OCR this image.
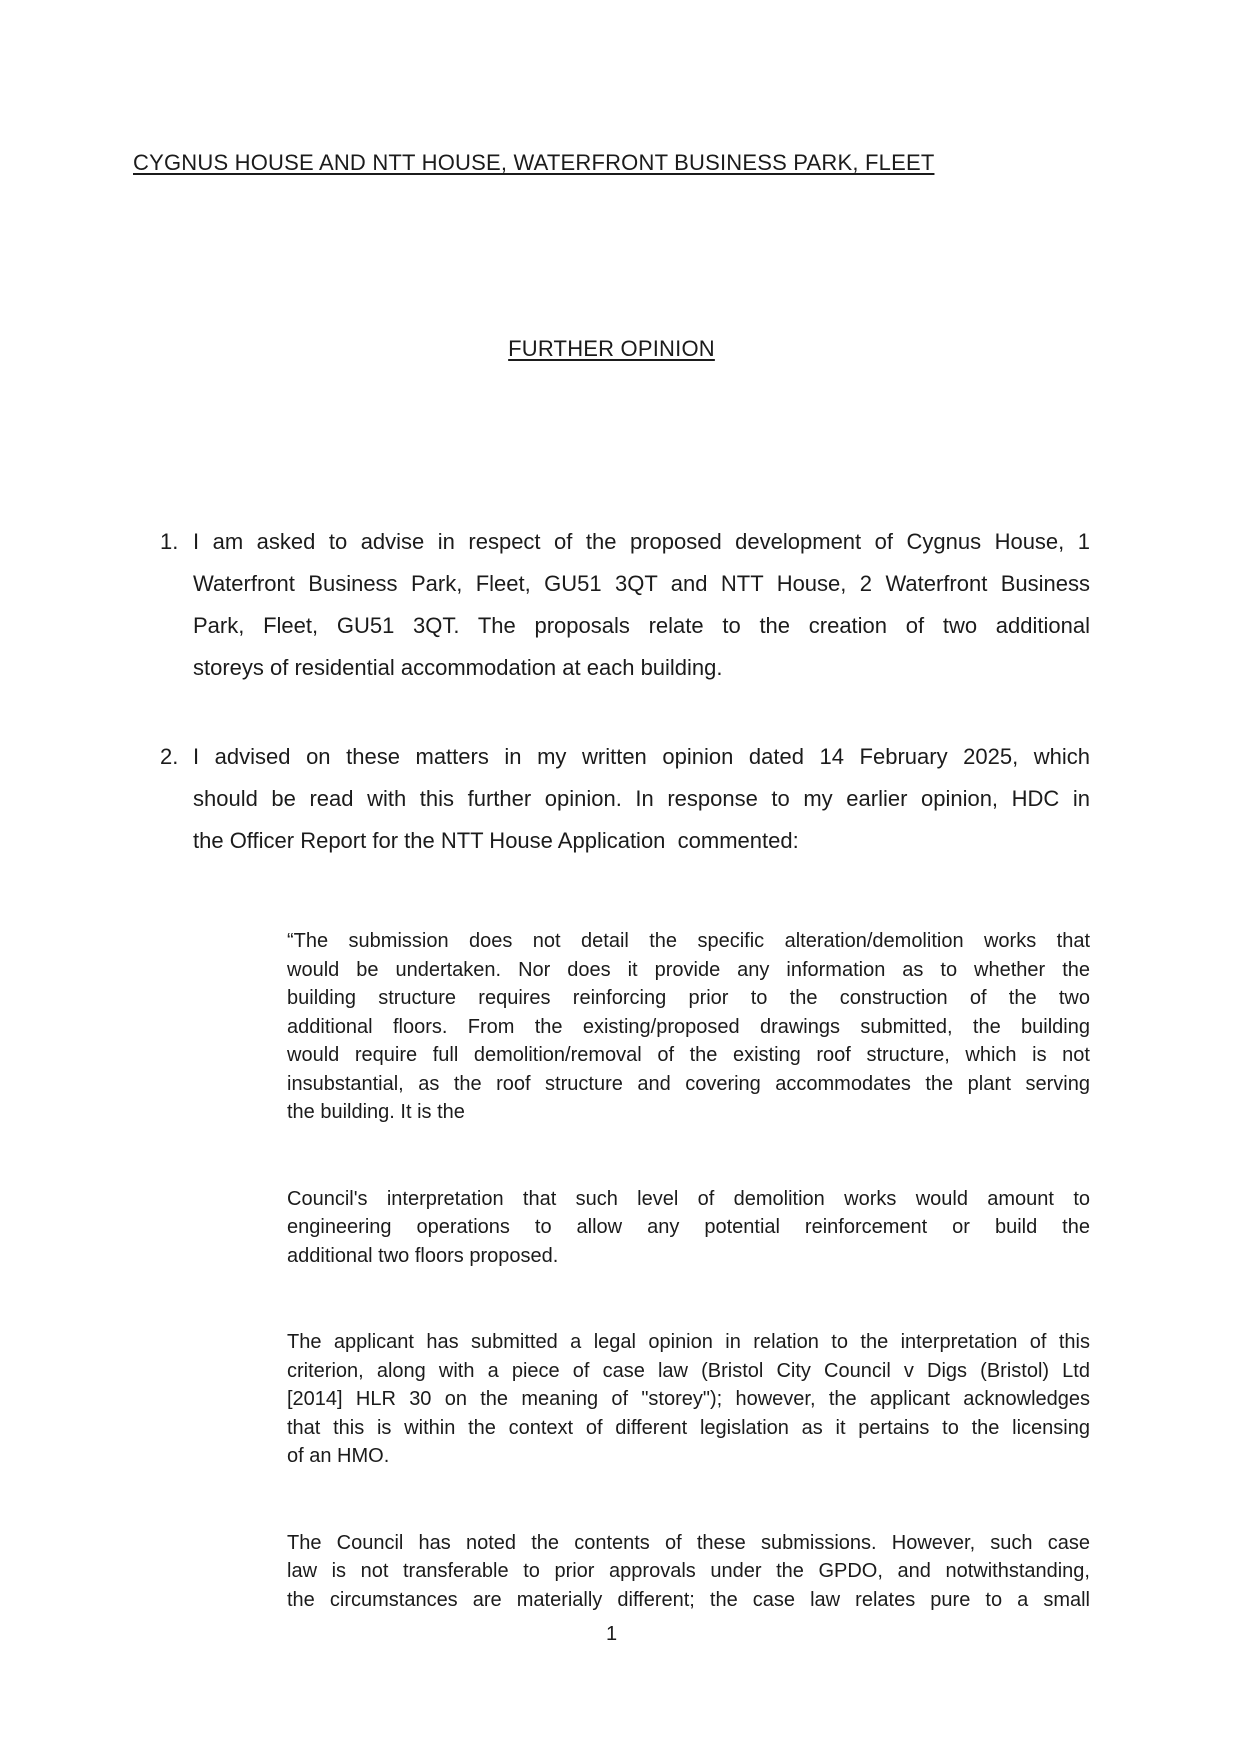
CYGNUS HOUSE AND NTT HOUSE, WATERFRONT BUSINESS PARK, FLEET
FURTHER OPINION
1. I am asked to advise in respect of the proposed development of Cygnus House, 1
Waterfront Business Park, Fleet, GU51 3QT and NTT House, 2 Waterfront Business
Park, Fleet, GU51 3QT. The proposals relate to the creation of two additional
storeys of residential accommodation at each building.
2. I advised on these matters in my written opinion dated 14 February 2025, which
should be read with this further opinion. In response to my earlier opinion, HDC in
the Officer Report for the NTT House Application  commented:
“The submission does not detail the specific alteration/demolition works that
would be undertaken. Nor does it provide any information as to whether the
building structure requires reinforcing prior to the construction of the two
additional floors. From the existing/proposed drawings submitted, the building
would require full demolition/removal of the existing roof structure, which is not
insubstantial, as the roof structure and covering accommodates the plant serving
the building. It is the
Council's interpretation that such level of demolition works would amount to
engineering operations to allow any potential reinforcement or build the
additional two floors proposed.
The applicant has submitted a legal opinion in relation to the interpretation of this
criterion, along with a piece of case law (Bristol City Council v Digs (Bristol) Ltd
[2014] HLR 30 on the meaning of "storey"); however, the applicant acknowledges
that this is within the context of different legislation as it pertains to the licensing
of an HMO.
The Council has noted the contents of these submissions. However, such case
law is not transferable to prior approvals under the GPDO, and notwithstanding,
the circumstances are materially different; the case law relates pure to a small
1
